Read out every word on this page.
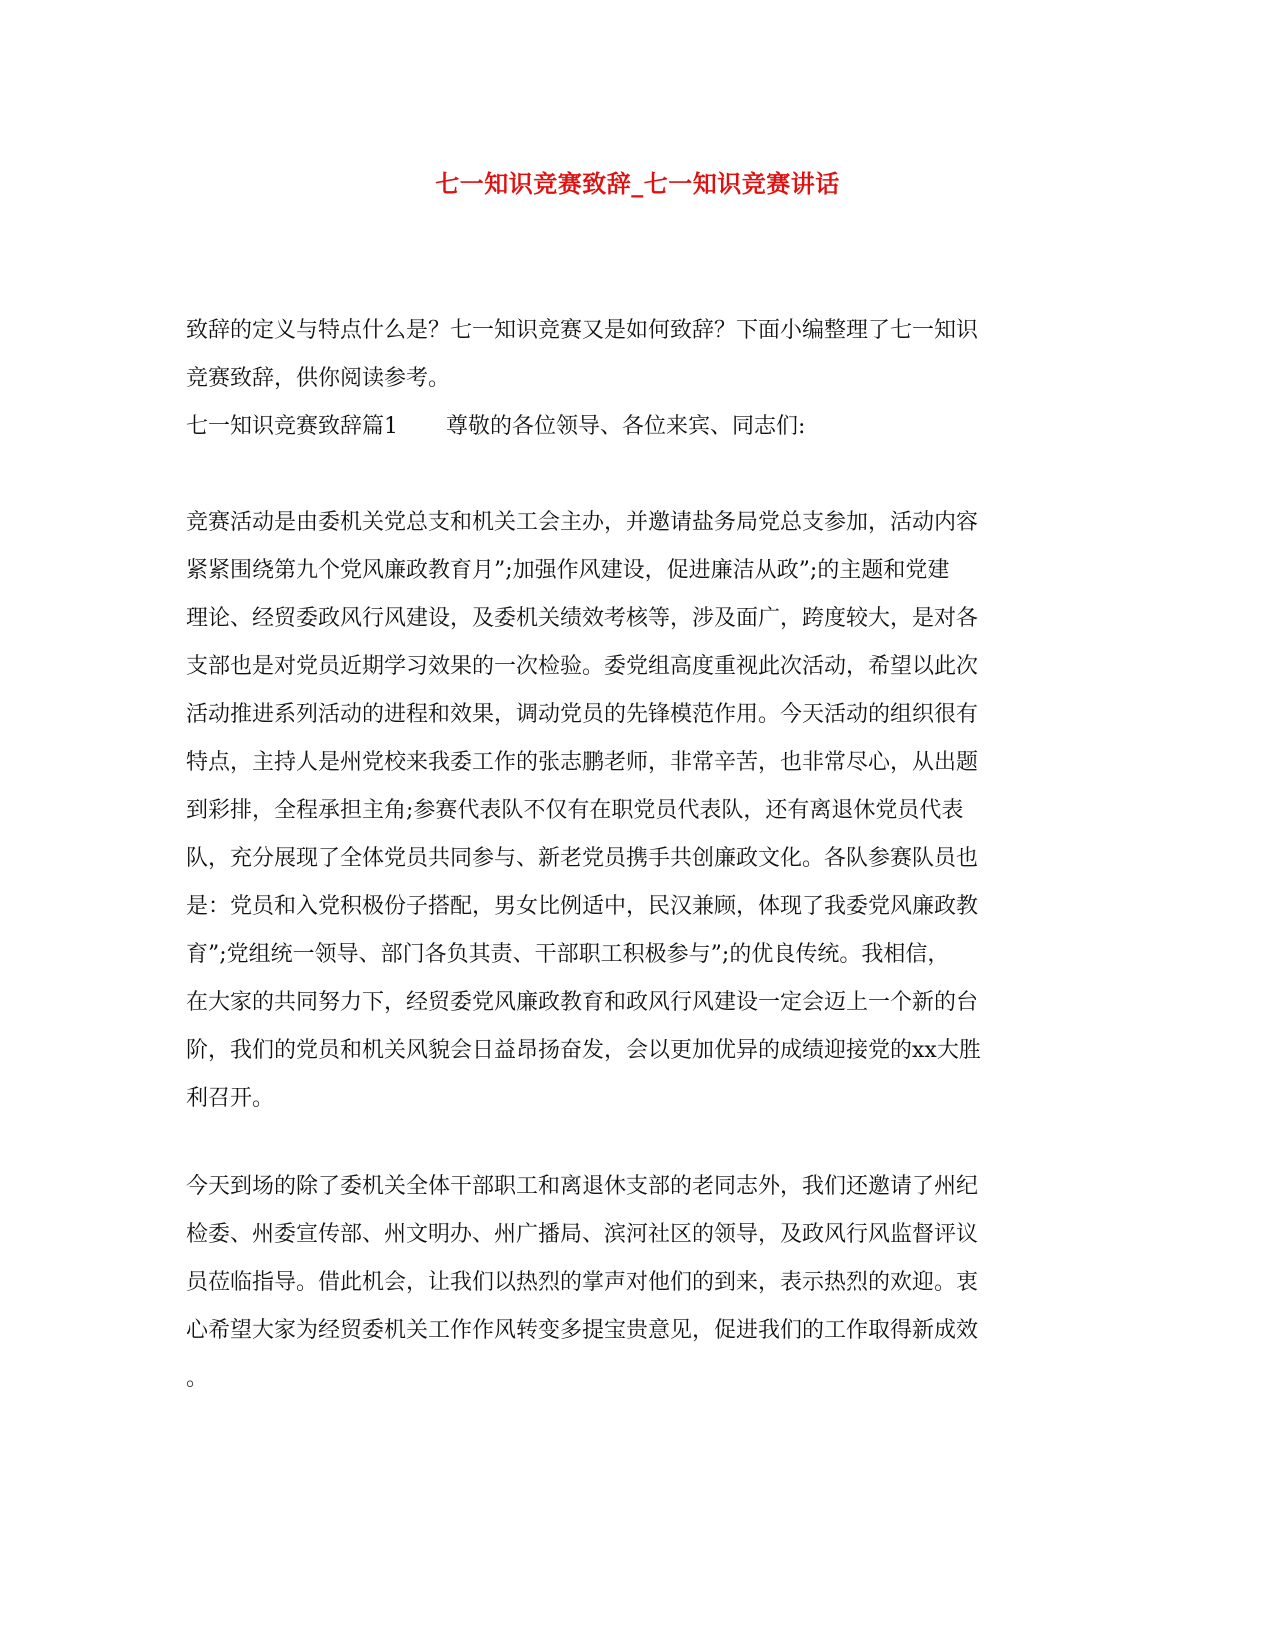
七一知识竞赛致辞_七一知识竞赛讲话
致辞的定义与特点什么是？七一知识竞赛又是如何致辞？下面小编整理了七一知识
竞赛致辞，供你阅读参考。
七一知识竞赛致辞篇1 尊敬的各位领导、各位来宾、同志们:
竞赛活动是由委机关党总支和机关工会主办，并邀请盐务局党总支参加，活动内容
紧紧围绕第九个党风廉政教育月”;加强作风建设，促进廉洁从政”;的主题和党建
理论、经贸委政风行风建设，及委机关绩效考核等，涉及面广，跨度较大，是对各
支部也是对党员近期学习效果的一次检验。委党组高度重视此次活动，希望以此次
活动推进系列活动的进程和效果，调动党员的先锋模范作用。今天活动的组织很有
特点，主持人是州党校来我委工作的张志鹏老师，非常辛苦，也非常尽心，从出题
到彩排，全程承担主角;参赛代表队不仅有在职党员代表队，还有离退休党员代表
队，充分展现了全体党员共同参与、新老党员携手共创廉政文化。各队参赛队员也
是：党员和入党积极份子搭配，男女比例适中，民汉兼顾，体现了我委党风廉政教
育”;党组统一领导、部门各负其责、干部职工积极参与”;的优良传统。我相信，
在大家的共同努力下，经贸委党风廉政教育和政风行风建设一定会迈上一个新的台
阶，我们的党员和机关风貌会日益昂扬奋发，会以更加优异的成绩迎接党的xx大胜
利召开。
今天到场的除了委机关全体干部职工和离退休支部的老同志外，我们还邀请了州纪
检委、州委宣传部、州文明办、州广播局、滨河社区的领导，及政风行风监督评议
员莅临指导。借此机会，让我们以热烈的掌声对他们的到来，表示热烈的欢迎。衷
心希望大家为经贸委机关工作作风转变多提宝贵意见，促进我们的工作取得新成效
。
